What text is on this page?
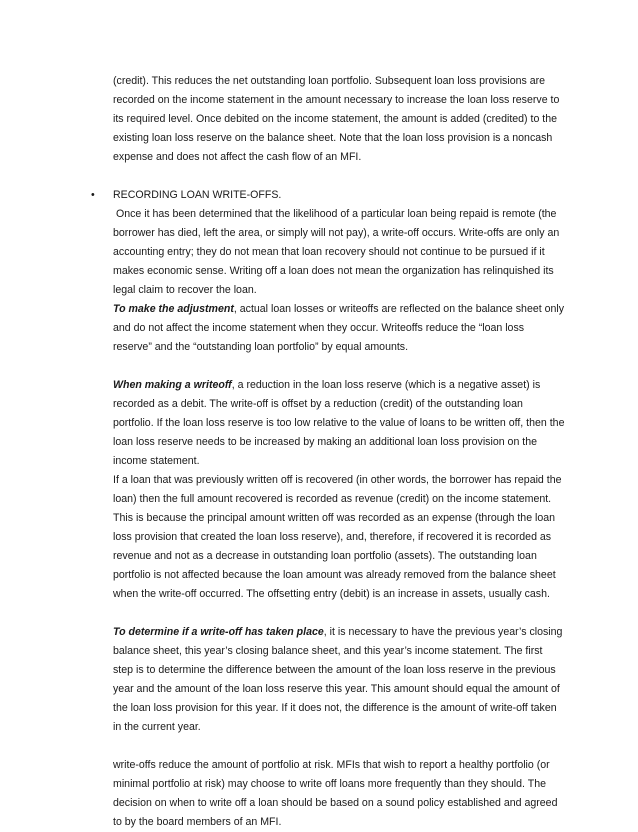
(credit). This reduces the net outstanding loan portfolio. Subsequent loan loss provisions are recorded on the income statement in the amount necessary to increase the loan loss reserve to its required level. Once debited on the income statement, the amount is added (credited) to the existing loan loss reserve on the balance sheet. Note that the loan loss provision is a noncash expense and does not affect the cash flow of an MFI.

• RECORDING LOAN WRITE-OFFS.

Once it has been determined that the likelihood of a particular loan being repaid is remote (the borrower has died, left the area, or simply will not pay), a write-off occurs. Write-offs are only an accounting entry; they do not mean that loan recovery should not continue to be pursued if it makes economic sense. Writing off a loan does not mean the organization has relinquished its legal claim to recover the loan.

To make the adjustment, actual loan losses or writeoffs are reflected on the balance sheet only and do not affect the income statement when they occur. Writeoffs reduce the “loan loss reserve” and the “outstanding loan portfolio” by equal amounts.

When making a writeoff, a reduction in the loan loss reserve (which is a negative asset) is recorded as a debit. The write-off is offset by a reduction (credit) of the outstanding loan portfolio. If the loan loss reserve is too low relative to the value of loans to be written off, then the loan loss reserve needs to be increased by making an additional loan loss provision on the income statement.

If a loan that was previously written off is recovered (in other words, the borrower has repaid the loan) then the full amount recovered is recorded as revenue (credit) on the income statement. This is because the principal amount written off was recorded as an expense (through the loan loss provision that created the loan loss reserve), and, therefore, if recovered it is recorded as revenue and not as a decrease in outstanding loan portfolio (assets). The outstanding loan portfolio is not affected because the loan amount was already removed from the balance sheet when the write-off occurred. The offsetting entry (debit) is an increase in assets, usually cash.

To determine if a write-off has taken place, it is necessary to have the previous year’s closing balance sheet, this year’s closing balance sheet, and this year’s income statement. The first step is to determine the difference between the amount of the loan loss reserve in the previous year and the amount of the loan loss reserve this year. This amount should equal the amount of the loan loss provision for this year. If it does not, the difference is the amount of write-off taken in the current year.

write-offs reduce the amount of portfolio at risk. MFIs that wish to report a healthy portfolio (or minimal portfolio at risk) may choose to write off loans more frequently than they should. The decision on when to write off a loan should be based on a sound policy established and agreed to by the board members of an MFI.
